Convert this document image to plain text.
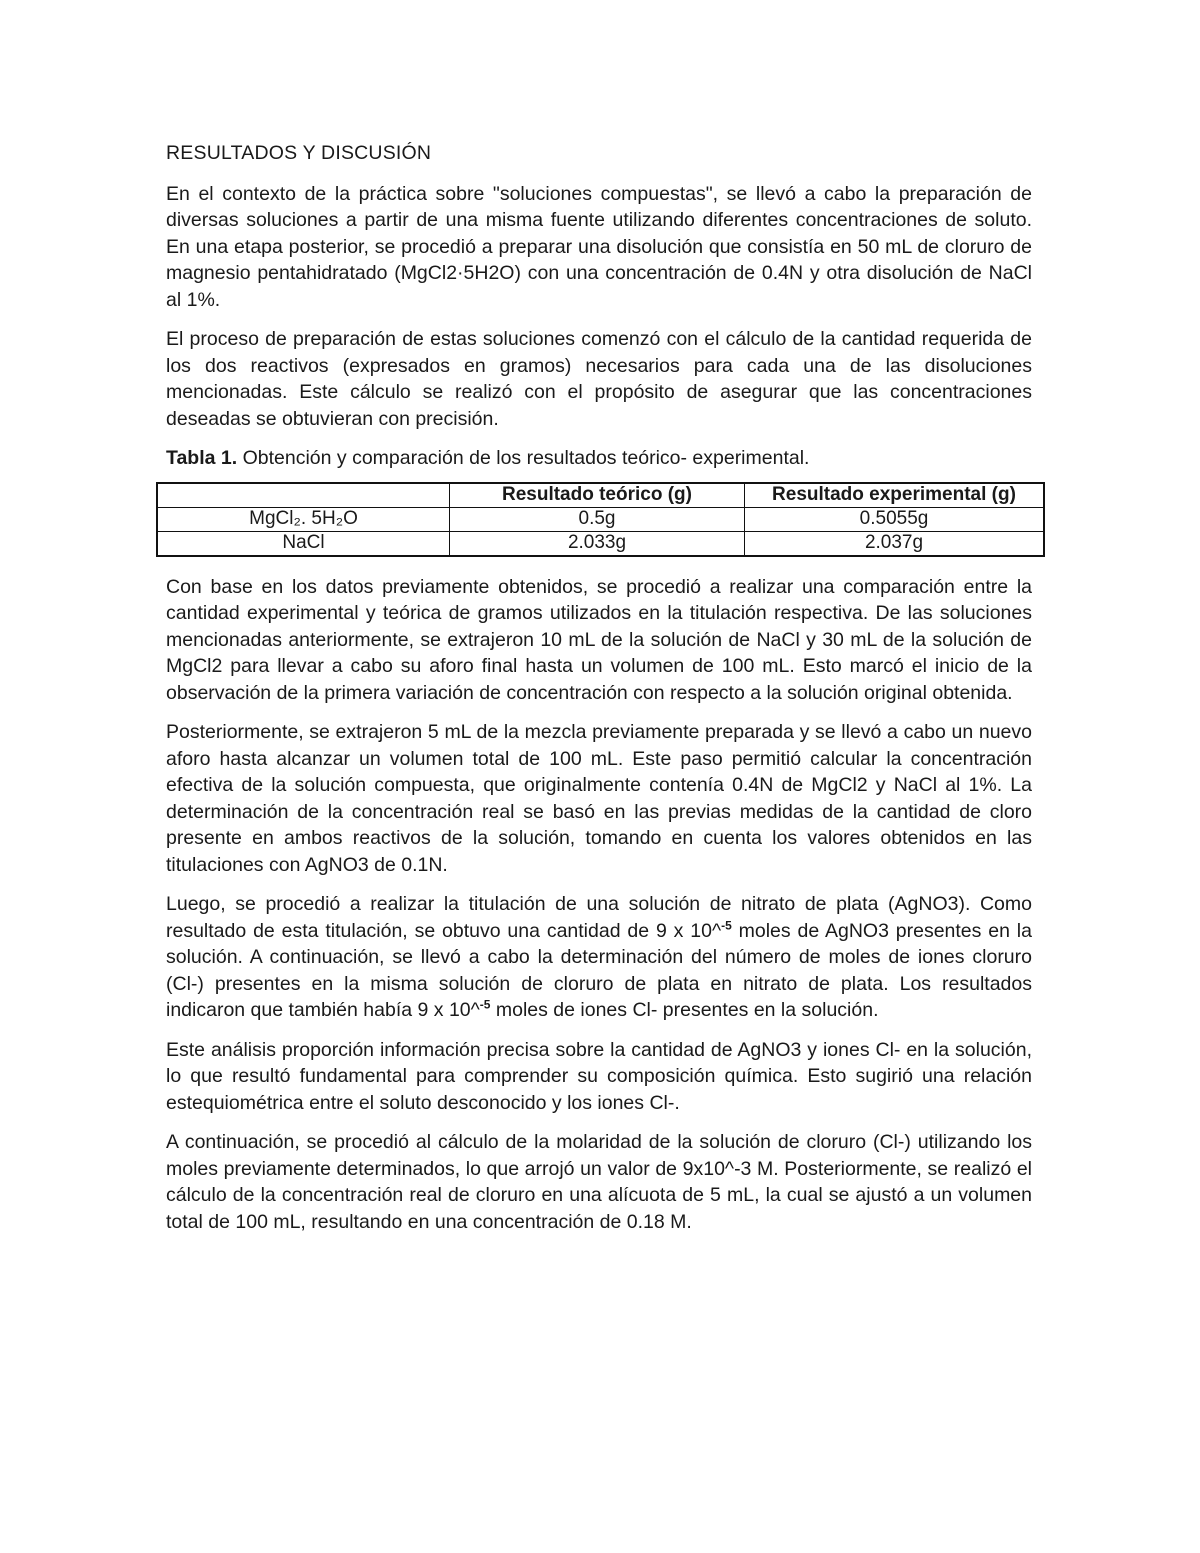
RESULTADOS Y DISCUSIÓN

En el contexto de la práctica sobre "soluciones compuestas", se llevó a cabo la preparación de diversas soluciones a partir de una misma fuente utilizando diferentes concentraciones de soluto. En una etapa posterior, se procedió a preparar una disolución que consistía en 50 mL de cloruro de magnesio pentahidratado (MgCl2·5H2O) con una concentración de 0.4N y otra disolución de NaCl al 1%.

El proceso de preparación de estas soluciones comenzó con el cálculo de la cantidad requerida de los dos reactivos (expresados en gramos) necesarios para cada una de las disoluciones mencionadas. Este cálculo se realizó con el propósito de asegurar que las concentraciones deseadas se obtuvieran con precisión.

Tabla 1. Obtención y comparación de los resultados teórico- experimental.

	Resultado teórico (g)	Resultado experimental (g)
MgCl₂. 5H₂O	0.5g	0.5055g
NaCl	2.033g	2.037g

Con base en los datos previamente obtenidos, se procedió a realizar una comparación entre la cantidad experimental y teórica de gramos utilizados en la titulación respectiva. De las soluciones mencionadas anteriormente, se extrajeron 10 mL de la solución de NaCl y 30 mL de la solución de MgCl2 para llevar a cabo su aforo final hasta un volumen de 100 mL. Esto marcó el inicio de la observación de la primera variación de concentración con respecto a la solución original obtenida.

Posteriormente, se extrajeron 5 mL de la mezcla previamente preparada y se llevó a cabo un nuevo aforo hasta alcanzar un volumen total de 100 mL. Este paso permitió calcular la concentración efectiva de la solución compuesta, que originalmente contenía 0.4N de MgCl2 y NaCl al 1%. La determinación de la concentración real se basó en las previas medidas de la cantidad de cloro presente en ambos reactivos de la solución, tomando en cuenta los valores obtenidos en las titulaciones con AgNO3 de 0.1N.

Luego, se procedió a realizar la titulación de una solución de nitrato de plata (AgNO3). Como resultado de esta titulación, se obtuvo una cantidad de 9 x 10^$^{-5}$ moles de AgNO3 presentes en la solución. A continuación, se llevó a cabo la determinación del número de moles de iones cloruro (Cl-) presentes en la misma solución de cloruro de plata en nitrato de plata. Los resultados indicaron que también había 9 x 10^$^{-5}$ moles de iones Cl- presentes en la solución.

Este análisis proporción información precisa sobre la cantidad de AgNO3 y iones Cl- en la solución, lo que resultó fundamental para comprender su composición química. Esto sugirió una relación estequiométrica entre el soluto desconocido y los iones Cl-.

A continuación, se procedió al cálculo de la molaridad de la solución de cloruro (Cl-) utilizando los moles previamente determinados, lo que arrojó un valor de 9x10^-3 M. Posteriormente, se realizó el cálculo de la concentración real de cloruro en una alícuota de 5 mL, la cual se ajustó a un volumen total de 100 mL, resultando en una concentración de 0.18 M.
